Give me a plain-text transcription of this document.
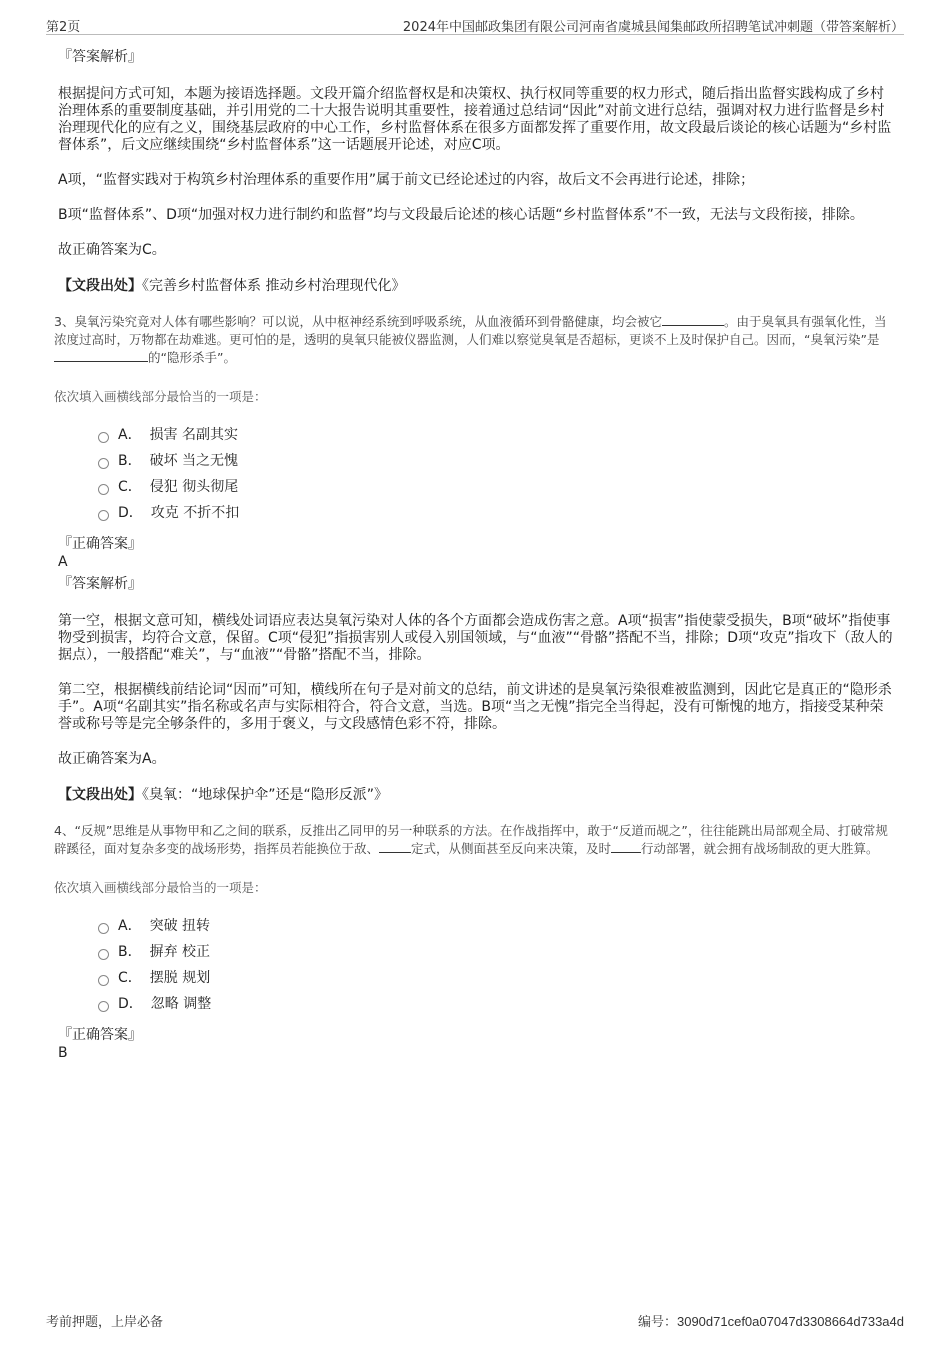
第2页	2024年中国邮政集团有限公司河南省虞城县闻集邮政所招聘笔试冲刺题（带答案解析）
『答案解析』
根据提问方式可知，本题为接语选择题。文段开篇介绍监督权是和决策权、执行权同等重要的权力形式，随后指出监督实践构成了乡村治理体系的重要制度基础，并引用党的二十大报告说明其重要性，接着通过总结词“因此”对前文进行总结，强调对权力进行监督是乡村治理现代化的应有之义，围绕基层政府的中心工作，乡村监督体系在很多方面都发挥了重要作用，故文段最后谈论的核心话题为“乡村监督体系”，后文应继续围绕“乡村监督体系”这一话题展开论述，对应C项。
A项，“监督实践对于构筑乡村治理体系的重要作用”属于前文已经论述过的内容，故后文不会再进行论述，排除；
B项“监督体系”、D项“加强对权力进行制约和监督”均与文段最后论述的核心话题“乡村监督体系”不一致，无法与文段衔接，排除。
故正确答案为C。
【文段出处】《完善乡村监督体系 推动乡村治理现代化》
3、臭氧污染究竟对人体有哪些影响？可以说，从中枢神经系统到呼吸系统，从血液循环到骨骼健康，均会被它	。由于臭氧具有强氧化性，当浓度过高时，万物都在劫难逃。更可怕的是，透明的臭氧只能被仪器监测，人们难以察觉臭氧是否超标，更谈不上及时保护自己。因而，“臭氧污染”是的“隐形杀手”。
依次填入画横线部分最恰当的一项是：
A． 损害 名副其实
B． 破坏 当之无愧
C． 侵犯 彻头彻尾
D． 攻克 不折不扣
『正确答案』
A
『答案解析』
第一空，根据文意可知，横线处词语应表达臭氧污染对人体的各个方面都会造成伤害之意。A项“损害”指使蒙受损失，B项“破坏”指使事物受到损害，均符合文意，保留。C项“侵犯”指损害别人或侵入别国领域，与“血液”“骨骼”搭配不当，排除；D项“攻克”指攻下（敌人的据点），一般搭配“难关”，与“血液”“骨骼”搭配不当，排除。
第二空，根据横线前结论词“因而”可知，横线所在句子是对前文的总结，前文讲述的是臭氧污染很难被监测到，因此它是真正的“隐形杀手”。A项“名副其实”指名称或名声与实际相符合，符合文意，当选。B项“当之无愧”指完全当得起，没有可惭愧的地方，指接受某种荣誉或称号等是完全够条件的，多用于褒义，与文段感情色彩不符，排除。
故正确答案为A。
【文段出处】《臭氧：“地球保护伞”还是“隐形反派”》
4、“反规”思维是从事物甲和乙之间的联系，反推出乙同甲的另一种联系的方法。在作战指挥中，敢于“反道而觇之”，往往能跳出局部观全局、打破常规辟蹊径，面对复杂多变的战场形势，指挥员若能换位于敌、	定式，从侧面甚至反向来决策，及时 行动部署，就会拥有战场制敌的更大胜算。
依次填入画横线部分最恰当的一项是：
A． 突破 扭转
B． 摒弃 校正
C． 摆脱 规划
D． 忽略 调整
『正确答案』
B
考前押题，上岸必备	编号：3090d71cef0a07047d3308664d733a4d
